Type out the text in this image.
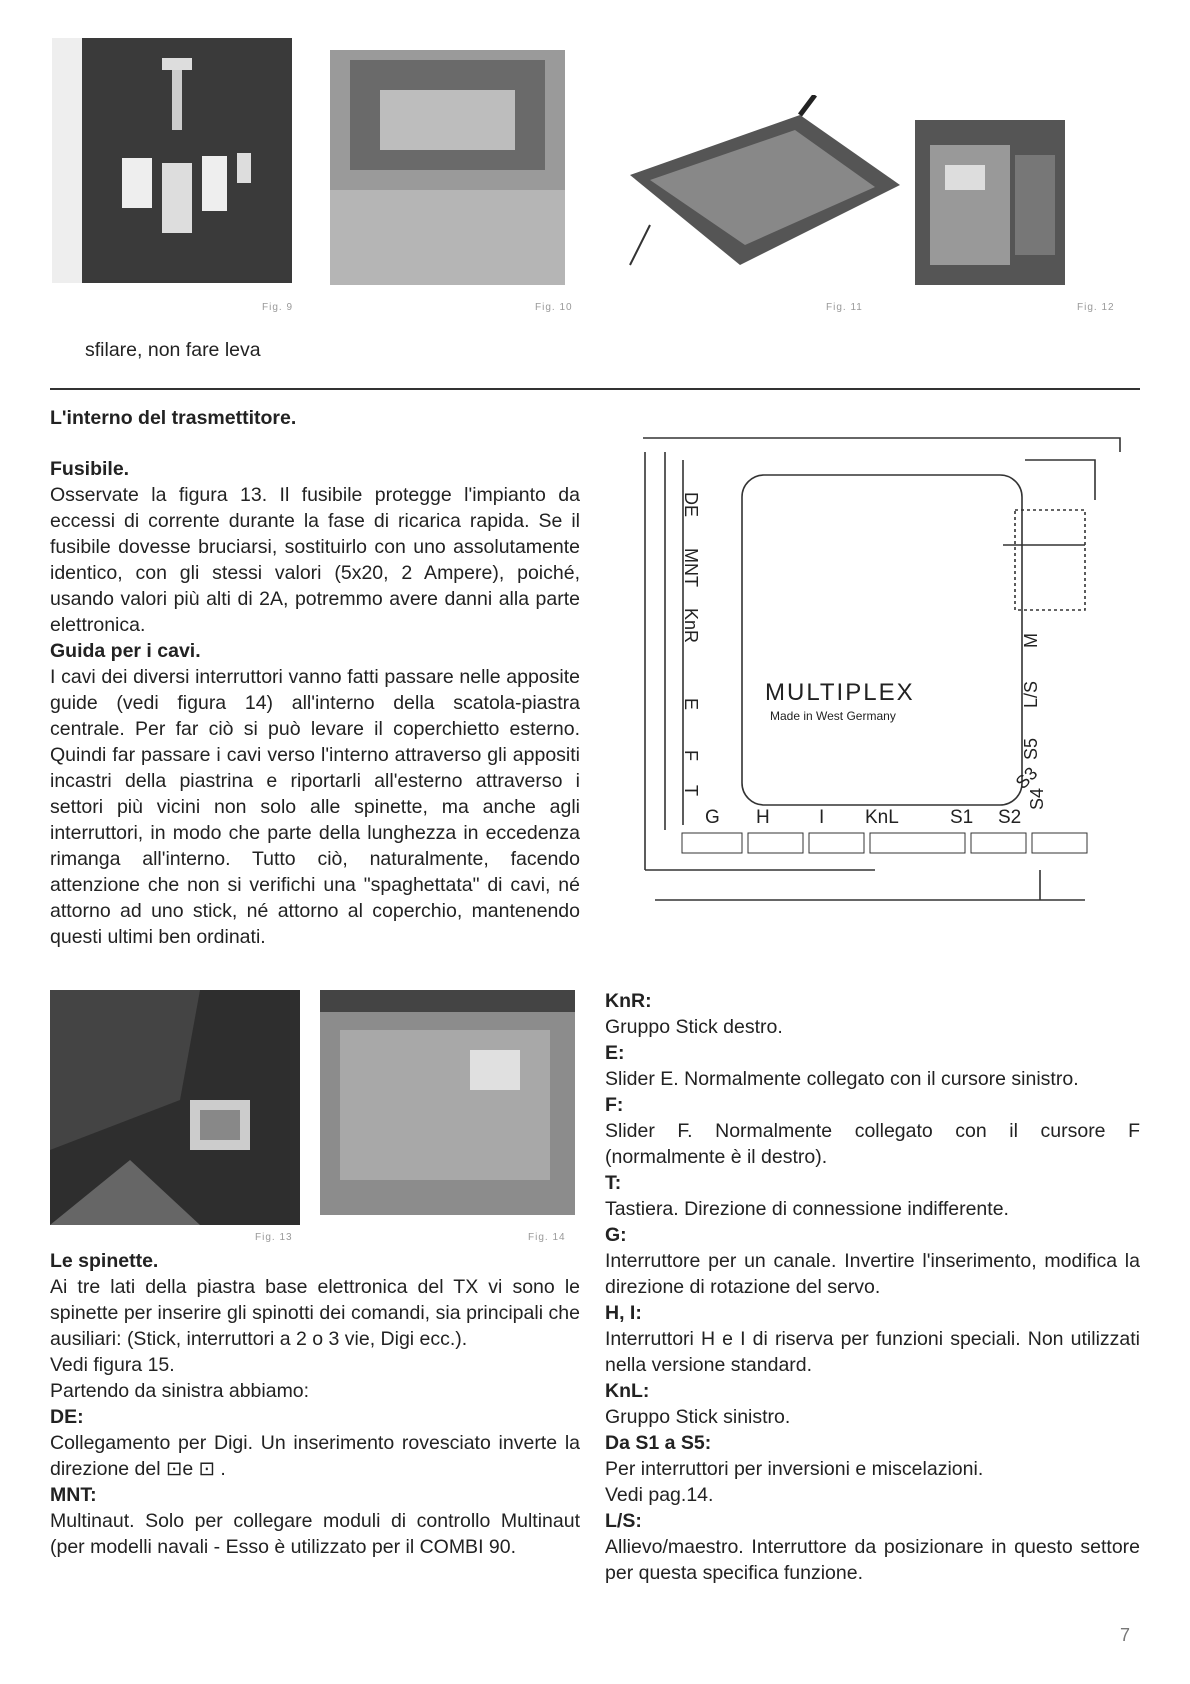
Fig. 9	Fig. 10	Fig. 11	Fig. 12
sfilare, non fare leva

L'interno del trasmettitore.

Fusibile.

Osservate la figura 13. Il fusibile protegge l'impianto da eccessi di corrente durante la fase di ricarica rapida. Se il fusibile dovesse bruciarsi, sostituirlo con uno assolutamente identico, con gli stessi valori (5x20, 2 Ampere), poiché, usando valori più alti di 2A, potremmo avere danni alla parte elettronica.

Guida per i cavi.

I cavi dei diversi interruttori vanno fatti passare nelle apposite guide (vedi figura 14) all'interno della scatola-piastra centrale. Per far ciò si può levare il coperchietto esterno. Quindi far passare i cavi verso l'interno attraverso gli appositi incastri della piastrina e riportarli all'esterno attraverso i settori più vicini non solo alle spinette, ma anche agli interruttori, in modo che parte della lunghezza in eccedenza rimanga all'interno. Tutto ciò, naturalmente, facendo attenzione che non si verifichi una "spaghettata" di cavi, né attorno ad uno stick, né attorno al coperchio, mantenendo questi ultimi ben ordinati.

Fig. 13	Fig. 14

Le spinette.

Ai tre lati della piastra base elettronica del TX vi sono le spinette per inserire gli spinotti dei comandi, sia principali che ausiliari: (Stick, interruttori a 2 o 3 vie, Digi ecc.).

Vedi figura 15.

Partendo da sinistra abbiamo:

DE:

Collegamento per Digi. Un inserimento rovesciato inverte la direzione del ⊡e ⊡ .

MNT:

Multinaut. Solo per collegare moduli di controllo Multinaut (per modelli navali - Esso è utilizzato per il COMBI 90.

DE
MNT
KnR
E
F
T
G H	I KnL	S1 S2
M
L/S
S5
S4
S3
MULTIPLEX
Made in West Germany

KnR:

Gruppo Stick destro.

E:

Slider E. Normalmente collegato con il cursore sinistro.

F:

Slider F. Normalmente collegato con il cursore F (normalmente è il destro).

T:

Tastiera. Direzione di connessione indifferente.

G:

Interruttore per un canale. Invertire l'inserimento, modifica la direzione di rotazione del servo.

H, I:

Interruttori H e I di riserva per funzioni speciali. Non utilizzati nella versione standard.

KnL:

Gruppo Stick sinistro.

Da S1 a S5:

Per interruttori per inversioni e miscelazioni.

Vedi pag.14.

L/S:

Allievo/maestro. Interruttore da posizionare in questo settore per questa specifica funzione.

7
